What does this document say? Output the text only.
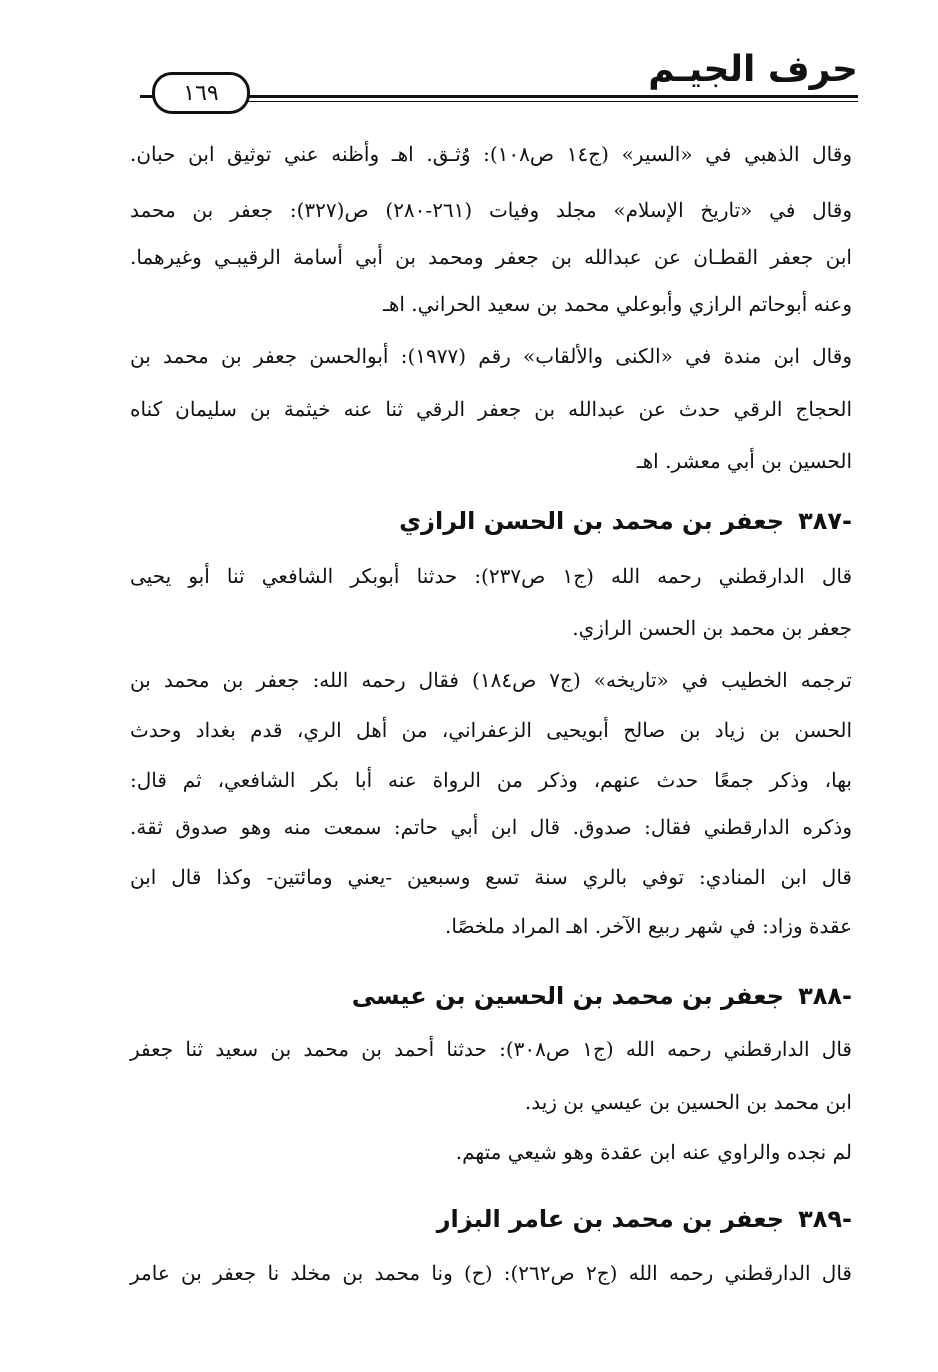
حرف الجيـم
١٦٩
وقال الذهبي في «السير» (ج١٤ ص١٠٨): وُثـق. اهـ وأظنه عني توثيق ابن حبان.
وقال في «تاريخ الإسلام» مجلد وفيات (٢٦١-٢٨٠) ص(٣٢٧): جعفر بن محمد
ابن جعفر القطـان عن عبدالله بن جعفر ومحمد بن أبي أسامة الرقيبـي وغيرهما.
وعنه أبوحاتم الرازي وأبوعلي محمد بن سعيد الحراني. اهـ
وقال ابن مندة في «الكنى والألقاب» رقم (١٩٧٧): أبوالحسن جعفر بن محمد بن
الحجاج الرقي حدث عن عبدالله بن جعفر الرقي ثنا عنه خيثمة بن سليمان كناه
الحسين بن أبي معشر. اهـ
-٣٨٧جعفر بن محمد بن الحسن الرازي
قال الدارقطني رحمه الله (ج١ ص٢٣٧): حدثنا أبوبكر الشافعي ثنا أبو يحيى
جعفر بن محمد بن الحسن الرازي.
ترجمه الخطيب في «تاريخه» (ج٧ ص١٨٤) فقال رحمه الله: جعفر بن محمد بن
الحسن بن زياد بن صالح أبويحيى الزعفراني، من أهل الري، قدم بغداد وحدث
بها، وذكر جمعًا حدث عنهم، وذكر من الرواة عنه أبا بكر الشافعي، ثم قال:
وذكره الدارقطني فقال: صدوق. قال ابن أبي حاتم: سمعت منه وهو صدوق ثقة.
قال ابن المنادي: توفي بالري سنة تسع وسبعين -يعني ومائتين- وكذا قال ابن
عقدة وزاد: في شهر ربيع الآخر. اهـ المراد ملخصًا.
-٣٨٨جعفر بن محمد بن الحسين بن عيسى
قال الدارقطني رحمه الله (ج١ ص٣٠٨): حدثنا أحمد بن محمد بن سعيد ثنا جعفر
ابن محمد بن الحسين بن عيسي بن زيد.
لم نجده والراوي عنه ابن عقدة وهو شيعي متهم.
-٣٨٩جعفر بن محمد بن عامر البزار
قال الدارقطني رحمه الله (ج٢ ص٢٦٢): (ح) ونا محمد بن مخلد نا جعفر بن عامر
